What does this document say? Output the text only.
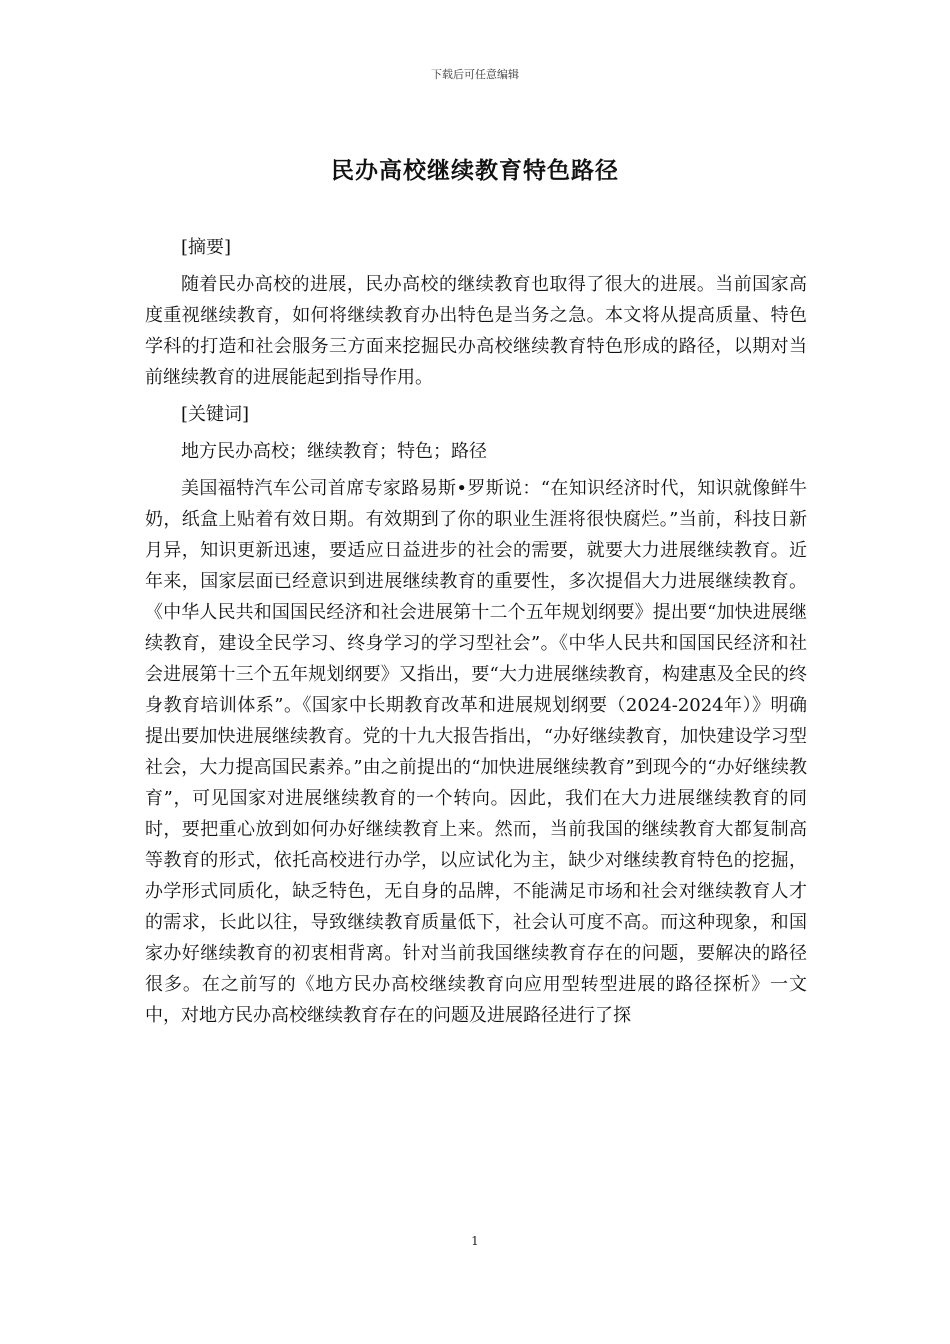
下载后可任意编辑
民办高校继续教育特色路径

[摘要]

随着民办高校的进展，民办高校的继续教育也取得了很大的进展。当前国家高度重视继续教育，如何将继续教育办出特色是当务之急。本文将从提高质量、特色学科的打造和社会服务三方面来挖掘民办高校继续教育特色形成的路径，以期对当前继续教育的进展能起到指导作用。

[关键词]

地方民办高校；继续教育；特色；路径

美国福特汽车公司首席专家路易斯•罗斯说：“在知识经济时代，知识就像鲜牛奶，纸盒上贴着有效日期。有效期到了你的职业生涯将很快腐烂。”当前，科技日新月异，知识更新迅速，要适应日益进步的社会的需要，就要大力进展继续教育。近年来，国家层面已经意识到进展继续教育的重要性，多次提倡大力进展继续教育。《中华人民共和国国民经济和社会进展第十二个五年规划纲要》提出要“加快进展继续教育，建设全民学习、终身学习的学习型社会”。《中华人民共和国国民经济和社会进展第十三个五年规划纲要》又指出，要“大力进展继续教育，构建惠及全民的终身教育培训体系”。《国家中长期教育改革和进展规划纲要（2024-2024年）》明确提出要加快进展继续教育。党的十九大报告指出，“办好继续教育，加快建设学习型社会，大力提高国民素养。”由之前提出的“加快进展继续教育”到现今的“办好继续教育”，可见国家对进展继续教育的一个转向。因此，我们在大力进展继续教育的同时，要把重心放到如何办好继续教育上来。然而，当前我国的继续教育大都复制高等教育的形式，依托高校进行办学，以应试化为主，缺少对继续教育特色的挖掘，办学形式同质化，缺乏特色，无自身的品牌，不能满足市场和社会对继续教育人才的需求，长此以往，导致继续教育质量低下，社会认可度不高。而这种现象，和国家办好继续教育的初衷相背离。针对当前我国继续教育存在的问题，要解决的路径很多。在之前写的《地方民办高校继续教育向应用型转型进展的路径探析》一文中，对地方民办高校继续教育存在的问题及进展路径进行了探

1
